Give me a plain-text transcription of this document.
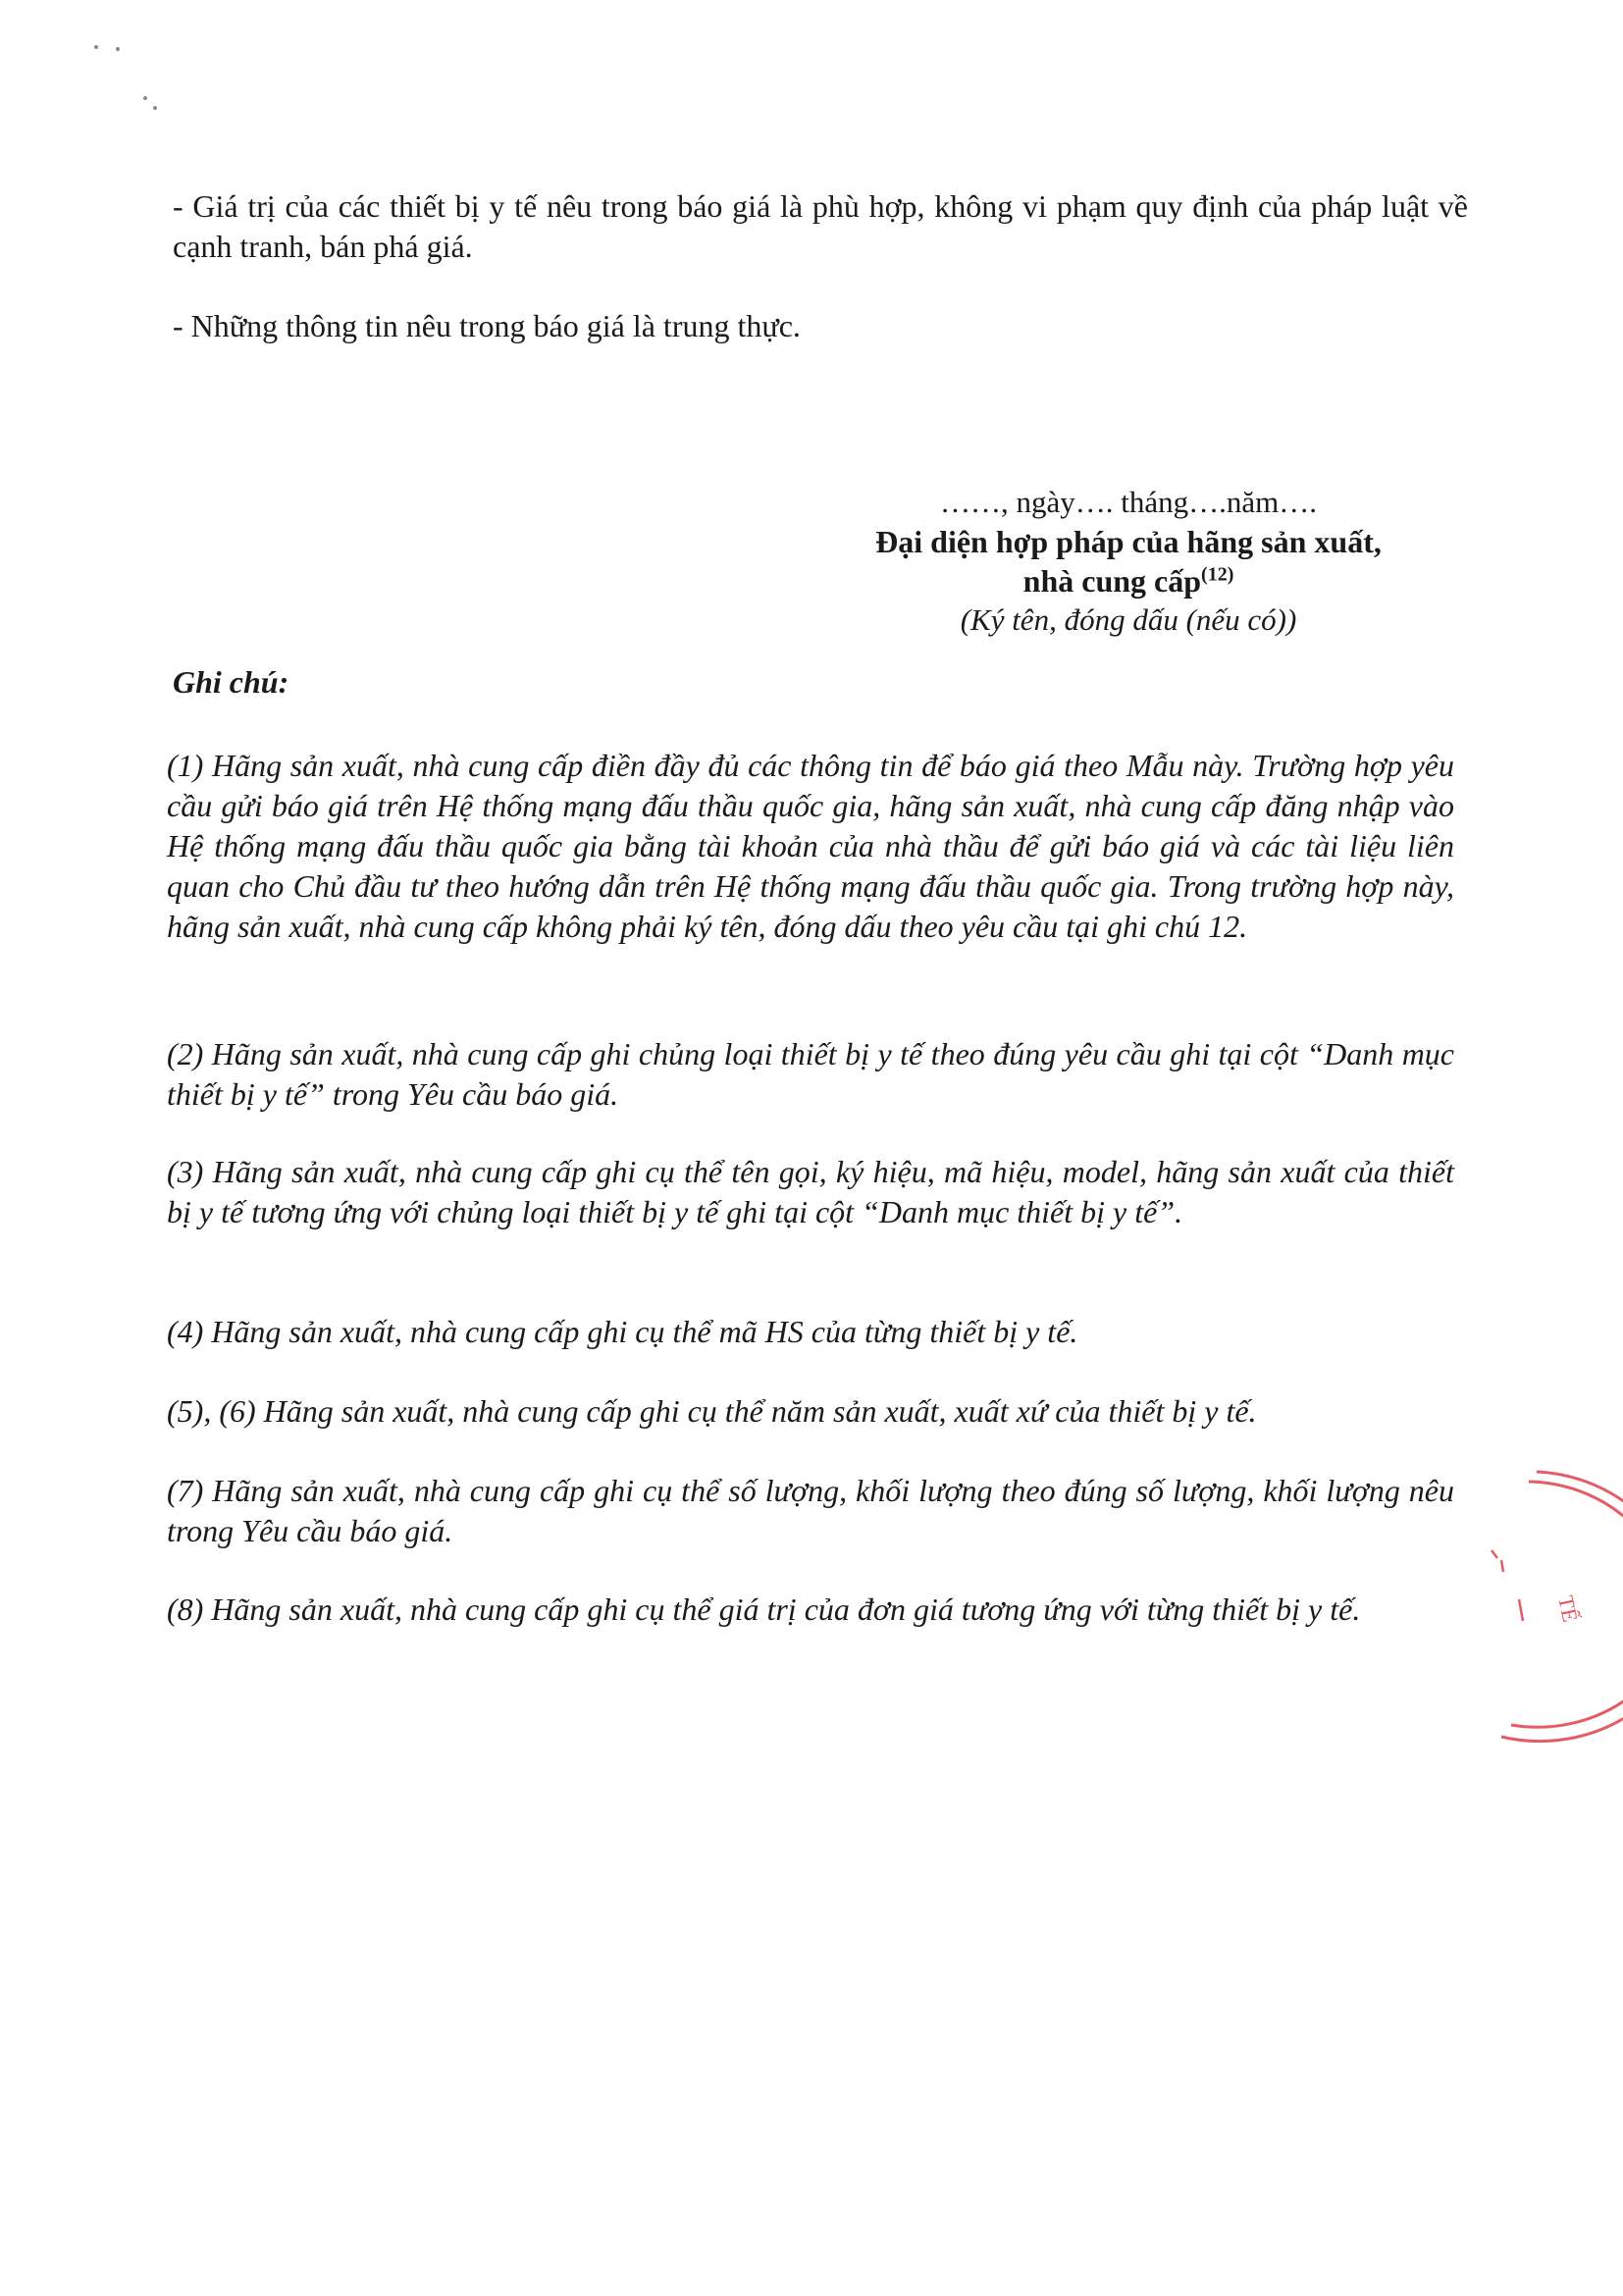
- Giá trị của các thiết bị y tế nêu trong báo giá là phù hợp, không vi phạm quy định của pháp luật về cạnh tranh, bán phá giá.

- Những thông tin nêu trong báo giá là trung thực.

……, ngày…. tháng….năm….
Đại diện hợp pháp của hãng sản xuất,
nhà cung cấp$^{(12)}$
(Ký tên, đóng dấu (nếu có))

Ghi chú:

(1) Hãng sản xuất, nhà cung cấp điền đầy đủ các thông tin để báo giá theo Mẫu này. Trường hợp yêu cầu gửi báo giá trên Hệ thống mạng đấu thầu quốc gia, hãng sản xuất, nhà cung cấp đăng nhập vào Hệ thống mạng đấu thầu quốc gia bằng tài khoản của nhà thầu để gửi báo giá và các tài liệu liên quan cho Chủ đầu tư theo hướng dẫn trên Hệ thống mạng đấu thầu quốc gia. Trong trường hợp này, hãng sản xuất, nhà cung cấp không phải ký tên, đóng dấu theo yêu cầu tại ghi chú 12.

(2) Hãng sản xuất, nhà cung cấp ghi chủng loại thiết bị y tế theo đúng yêu cầu ghi tại cột “Danh mục thiết bị y tế” trong Yêu cầu báo giá.

(3) Hãng sản xuất, nhà cung cấp ghi cụ thể tên gọi, ký hiệu, mã hiệu, model, hãng sản xuất của thiết bị y tế tương ứng với chủng loại thiết bị y tế ghi tại cột “Danh mục thiết bị y tế”.

(4) Hãng sản xuất, nhà cung cấp ghi cụ thể mã HS của từng thiết bị y tế.

(5), (6) Hãng sản xuất, nhà cung cấp ghi cụ thể năm sản xuất, xuất xứ của thiết bị y tế.

(7) Hãng sản xuất, nhà cung cấp ghi cụ thể số lượng, khối lượng theo đúng số lượng, khối lượng nêu trong Yêu cầu báo giá.

(8) Hãng sản xuất, nhà cung cấp ghi cụ thể giá trị của đơn giá tương ứng với từng thiết bị y tế.	TẾ
